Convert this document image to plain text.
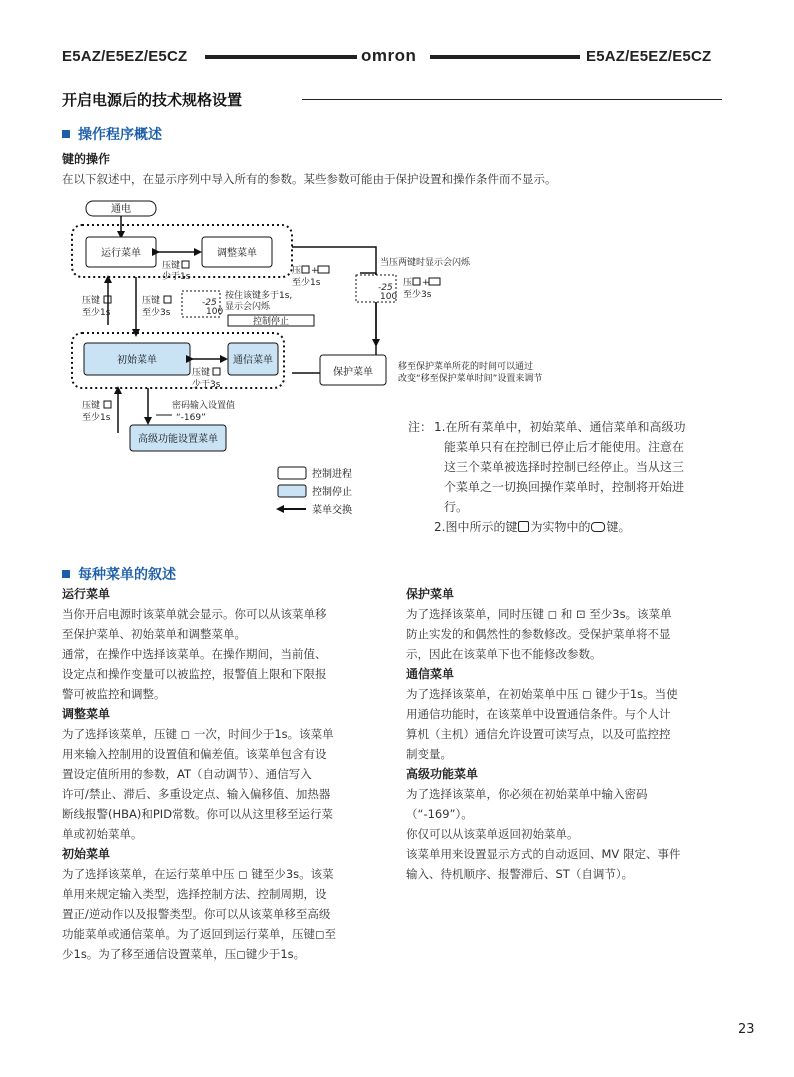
E5AZ/E5EZ/E5CZ	omron	E5AZ/E5EZ/E5CZ
开启电源后的技术规格设置
操作程序概述
键的操作
在以下叙述中，在显示序列中导入所有的参数。某些参数可能由于保护设置和操作条件而不显示。
通电
运行菜单	调整菜单
压键
少于1s
压 +
至少1s
当压两键时显示会闪烁
-25
100
压 +
至少3s
压键
至少1s
压键
至少3s
-25
100
按住该键多于1s,
显示会闪烁
控制停止
初始菜单	通信菜单
压键
少于3s
保护菜单	移至保护菜单所花的时间可以通过
改变“移至保护菜单时间”设置来调节
压键
至少1s
密码输入设置值
“-169”
高级功能设置菜单
控制进程
控制停止
菜单交换
注： 1.在所有菜单中，初始菜单、通信菜单和高级功
能菜单只有在控制已停止后才能使用。注意在
这三个菜单被选择时控制已经停止。当从这三
个菜单之一切换回操作菜单时，控制将开始进
行。
2.图中所示的键 为实物中的 键。
每种菜单的叙述

运行菜单

当你开启电源时该菜单就会显示。你可以从该菜单移

至保护菜单、初始菜单和调整菜单。

通常，在操作中选择该菜单。在操作期间，当前值、

设定点和操作变量可以被监控，报警值上限和下限报

警可被监控和调整。

调整菜单

为了选择该菜单，压键 ◻ 一次，时间少于1s。该菜单

用来输入控制用的设置值和偏差值。该菜单包含有设

置设定值所用的参数，AT（自动调节）、通信写入

许可/禁止、滞后、多重设定点、输入偏移值、加热器

断线报警(HBA)和PID常数。你可以从这里移至运行菜

单或初始菜单。

初始菜单

为了选择该菜单，在运行菜单中压 ◻ 键至少3s。该菜

单用来规定输入类型，选择控制方法、控制周期，设

置正/逆动作以及报警类型。你可以从该菜单移至高级

功能菜单或通信菜单。为了返回到运行菜单，压键◻至

少1s。为了移至通信设置菜单，压◻键少于1s。

保护菜单

为了选择该菜单，同时压键 ◻ 和 ⊡ 至少3s。该菜单

防止实发的和偶然性的参数修改。受保护菜单将不显

示，因此在该菜单下也不能修改参数。

通信菜单

为了选择该菜单，在初始菜单中压 ◻ 键少于1s。当使

用通信功能时，在该菜单中设置通信条件。与个人计

算机（主机）通信允许设置可读写点，以及可监控控

制变量。

高级功能菜单

为了选择该菜单，你必须在初始菜单中输入密码

（“-169”）。

你仅可以从该菜单返回初始菜单。

该菜单用来设置显示方式的自动返回、MV 限定、事件

输入、待机顺序、报警滞后、ST（自调节）。

23
